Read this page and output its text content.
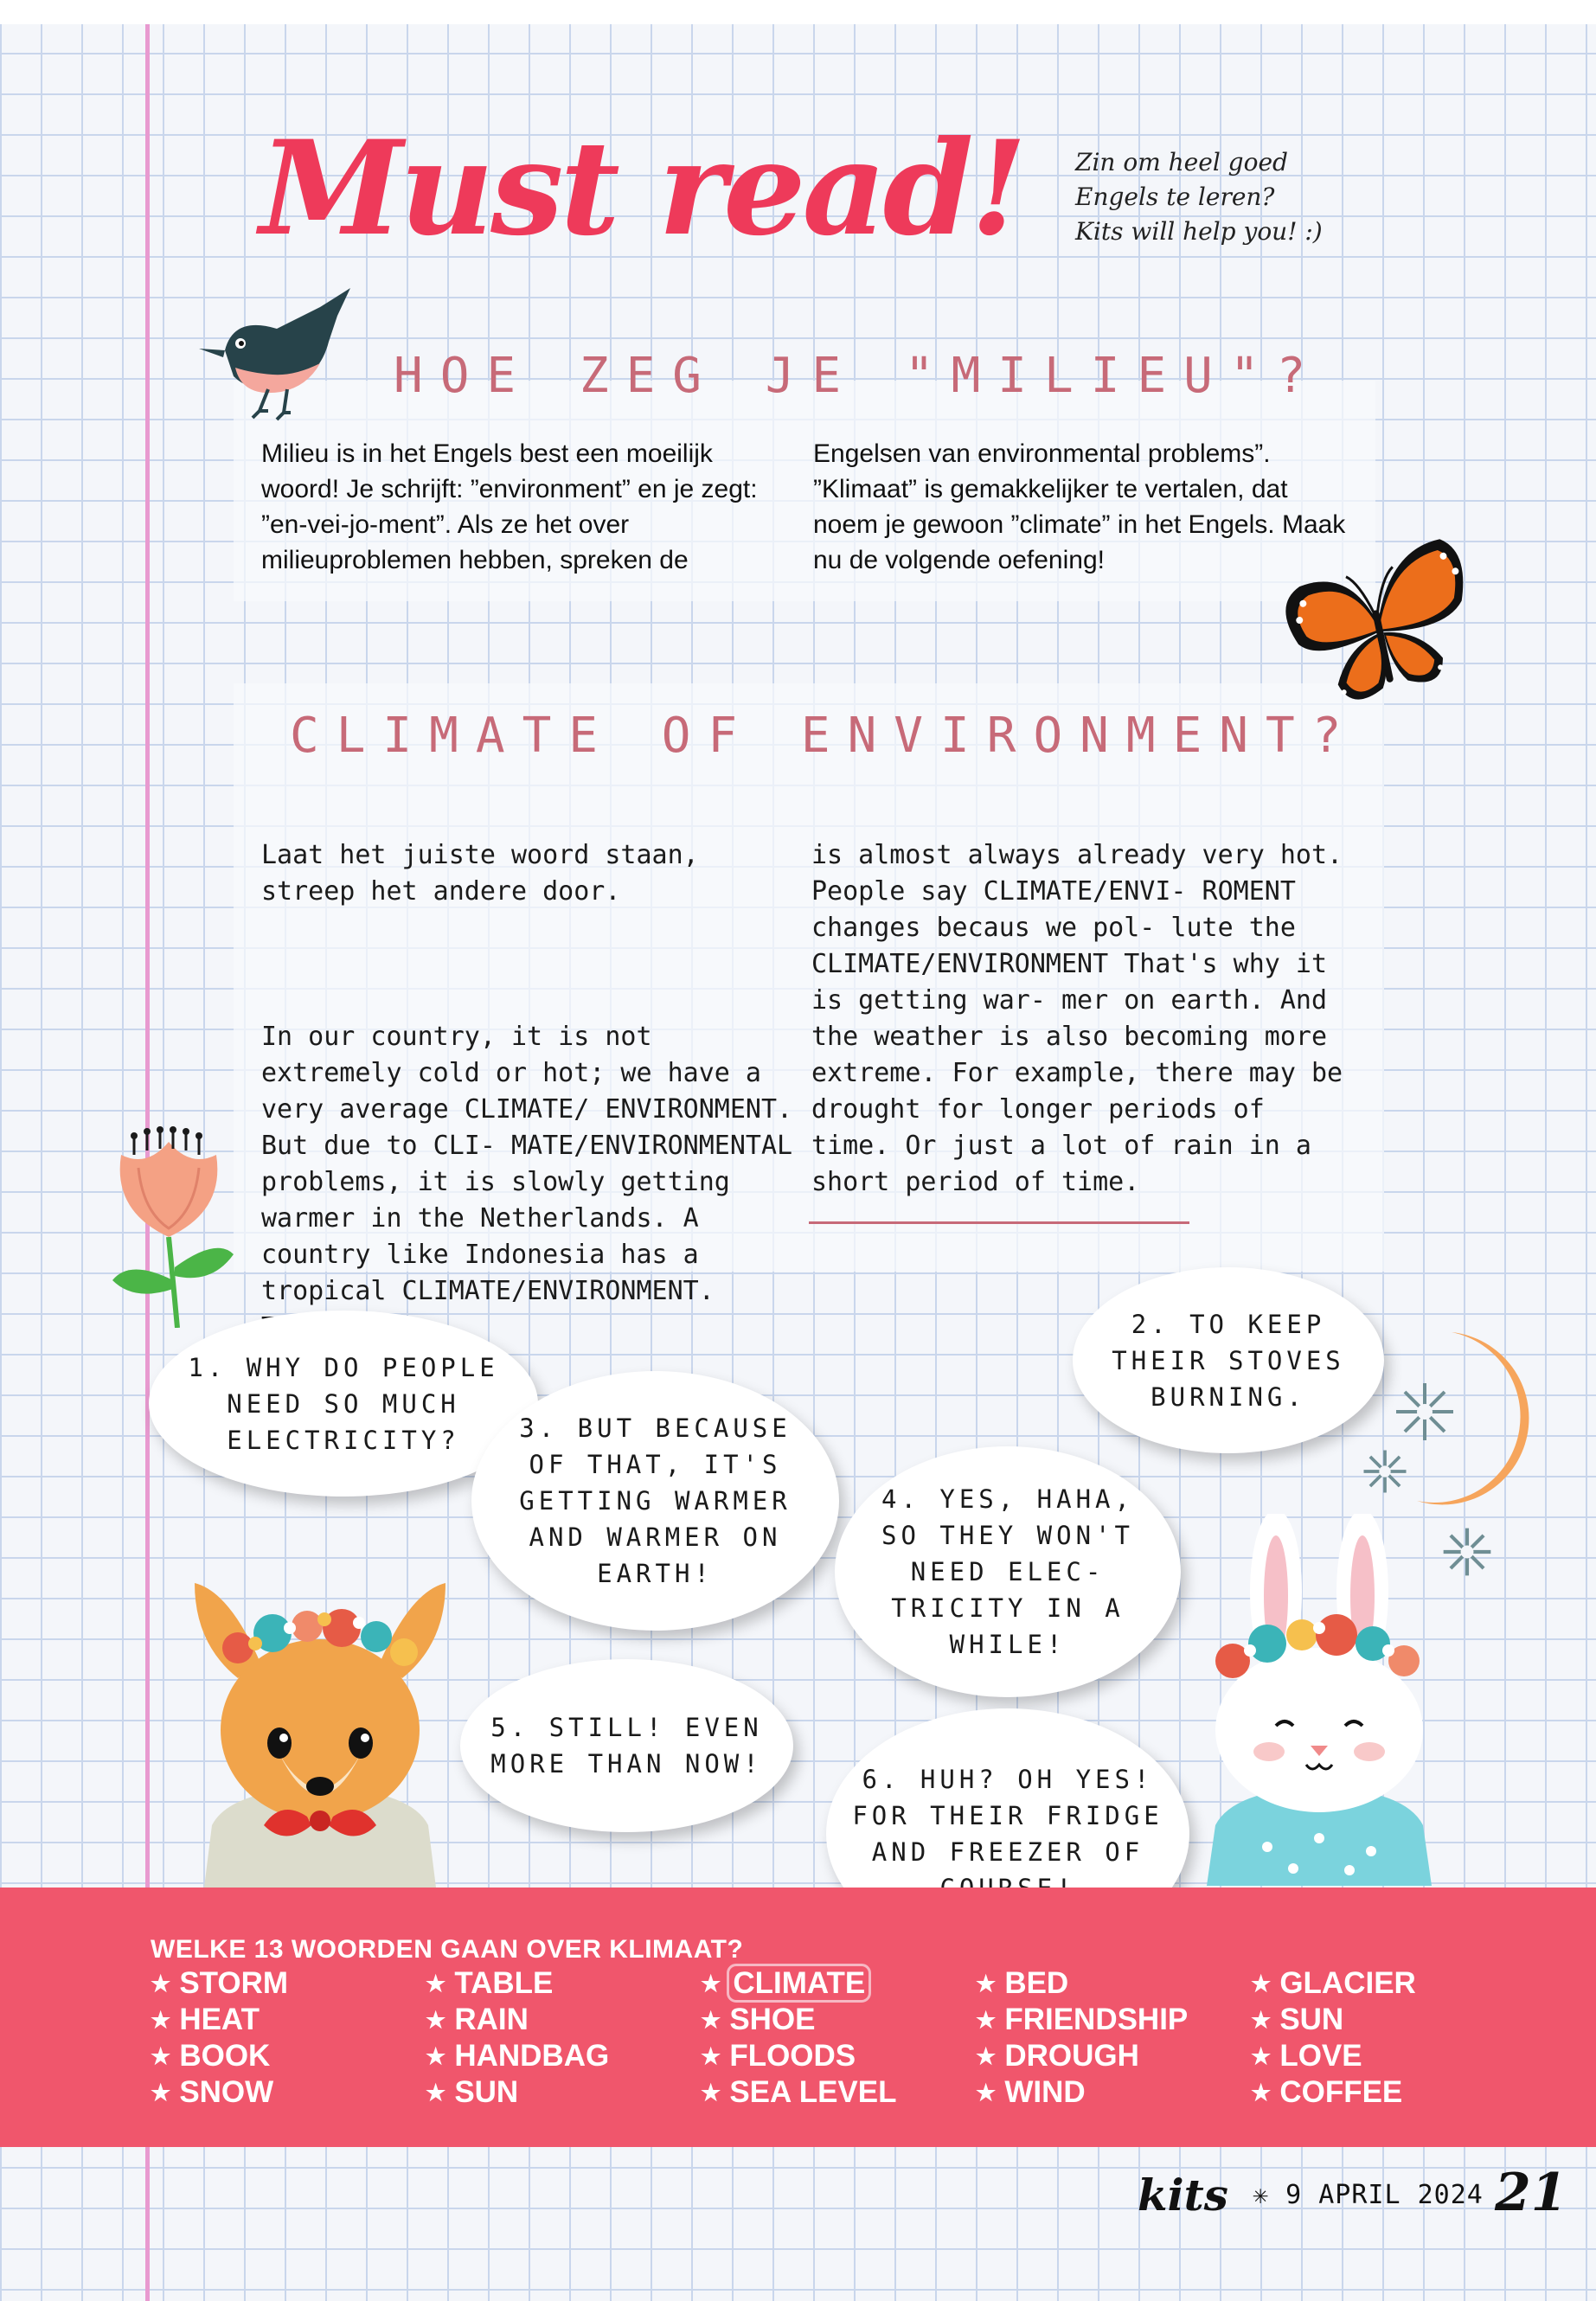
Must read! Zin om heel goed
Engels te leren?
Kits will help you! :)
HOE ZEG JE "MILIEU"?

Milieu is in het Engels best een moeilijk woord! Je schrijft: ”environment” en je zegt: ”en-vei-jo-ment”. Als ze het over milieuproblemen hebben, spreken de

Engelsen van environmental problems”. ”Klimaat” is gemakkelijker te vertalen, dat noem je gewoon ”climate” in het Engels. Maak nu de volgende oefening!

CLIMATE OF ENVIRONMENT?

Laat het juiste woord staan, streep het andere door.

In our country, it is not extremely cold or hot; we have a very average CLIMATE/ ENVIRONMENT. But due to CLI- MATE/ENVIRONMENTAL problems, it is slowly getting warmer in the Netherlands. A country like Indonesia has a tropical CLIMATE/ENVIRONMENT.

is almost always already very hot. People say CLIMATE/ENVI- ROMENT changes becaus we pol- lute the CLIMATE/ENVIRONMENT That's why it is getting war- mer on earth. And the weather is also becoming more extreme. For example, there may be drought for longer periods of time. Or just a lot of rain in a short period of time.

1. WHY DO PEOPLE NEED SO MUCH ELECTRICITY?
2. TO KEEP THEIR STOVES BURNING.
3. BUT BECAUSE OF THAT, IT'S GETTING WARMER AND WARMER ON EARTH!
4. YES, HAHA, SO THEY WON'T NEED ELEC- TRICITY IN A WHILE!
5. STILL! EVEN MORE THAN NOW!
6. HUH? OH YES! FOR THEIR FRIDGE AND FREEZER OF

WELKE 13 WOORDEN GAAN OVER KLIMAAT?

★ STORM
★ HEAT
★ BOOK
★ SNOW
★ TABLE
★ RAIN
★ HANDBAG
★ SUN
★ CLIMATE
★ SHOE
★ FLOODS
★ SEA LEVEL
★ BED
★ FRIENDSHIP
★ DROUGH
★ WIND
★ GLACIER
★ SUN
★ LOVE
★ COFFEE
kits ✳ 9 APRIL 2024 21
